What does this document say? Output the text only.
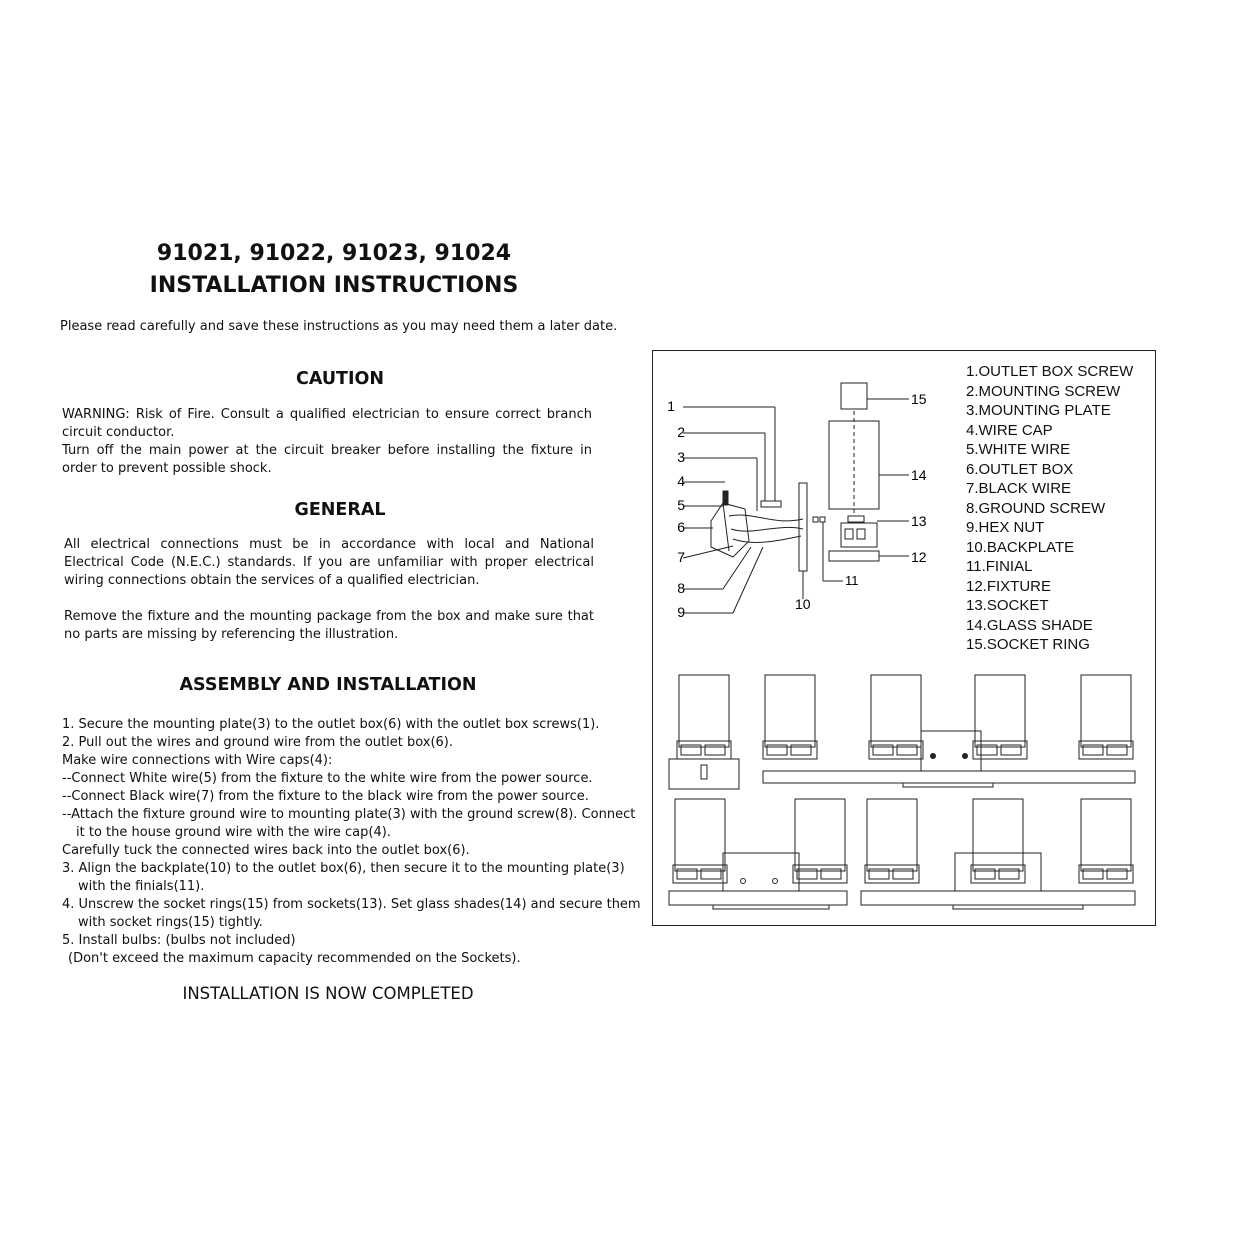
91021, 91022, 91023, 91024
INSTALLATION INSTRUCTIONS
Please read carefully and save these instructions as you may need them a later date.
CAUTION
WARNING: Risk of Fire. Consult a qualified electrician to ensure correct branch circuit conductor.
Turn off the main power at the circuit breaker before installing the fixture in order to prevent possible shock.
GENERAL
All electrical connections must be in accordance with local and National Electrical Code (N.E.C.) standards. If you are unfamiliar with proper electrical wiring connections obtain the services of a qualified electrician.
Remove the fixture and the mounting package from the box and make sure that no parts are missing by referencing the illustration.
ASSEMBLY AND INSTALLATION
1. Secure the mounting plate(3) to the outlet box(6) with the outlet box screws(1).
2. Pull out the wires and ground wire from the outlet box(6).
Make wire connections with Wire caps(4):
--Connect White wire(5) from the fixture to the white wire from the power source.
--Connect Black wire(7) from the fixture to the black wire from the power source.
--Attach the fixture ground wire to mounting plate(3) with the ground screw(8). Connect
it to the house ground wire with the wire cap(4).
Carefully tuck the connected wires back into the outlet box(6).
3. Align the backplate(10) to the outlet box(6), then secure it to the mounting plate(3)
with the finials(11).
4. Unscrew the socket rings(15) from sockets(13). Set glass shades(14) and secure them
with socket rings(15) tightly.
5. Install bulbs: (bulbs not included)
(Don't exceed the maximum capacity recommended on the Sockets).
INSTALLATION IS NOW COMPLETED
1
2
3
4
5
6
7
8
9
15
14
13
12
10
11
1.OUTLET BOX SCREW
2.MOUNTING SCREW
3.MOUNTING PLATE
4.WIRE CAP
5.WHITE WIRE
6.OUTLET BOX
7.BLACK WIRE
8.GROUND SCREW
9.HEX NUT
10.BACKPLATE
11.FINIAL
12.FIXTURE
13.SOCKET
14.GLASS SHADE
15.SOCKET RING
